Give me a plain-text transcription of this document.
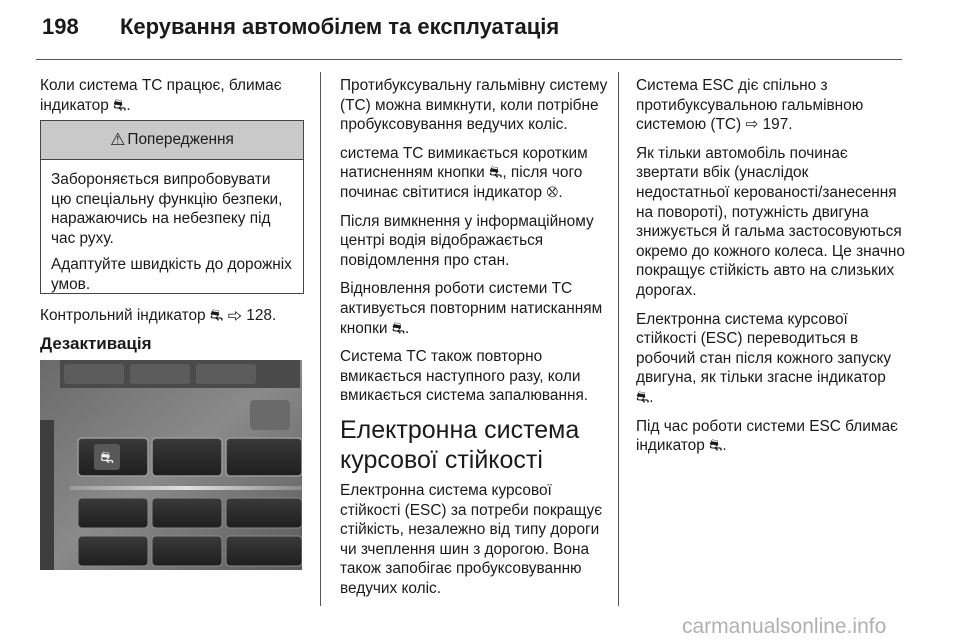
198 Керування автомобілем та експлуатація

Коли система TC працює, блимає індикатор ⛐.

⚠ Попередження

Забороняється випробовувати цю спеціальну функцію безпеки, наражаючись на небезпеку під час руху.

Адаптуйте швидкість до дорожніх умов.

Контрольний індикатор ⛐ ⇨ 128.

Дезактивація
⛐

Протибуксувальну гальмівну систему (TC) можна вимкнути, коли потрібне пробуксовування ведучих коліс.

система TC вимикається коротким натисненням кнопки ⛐, після чого починає світитися індикатор ⛒.

Після вимкнення у інформаційному центрі водія відображається повідомлення про стан.

Відновлення роботи системи TC активується повторним натисканням кнопки ⛐.

Система TC також повторно вмикається наступного разу, коли вмикається система запалювання.

Електронна система курсової стійкості

Електронна система курсової стійкості (ESC) за потреби покращує стійкість, незалежно від типу дороги чи зчеплення шин з дорогою. Вона також запобігає пробуксовуванню ведучих коліс.

Система ESC діє спільно з протибуксувальною гальмівною системою (TC) ⇨ 197.

Як тільки автомобіль починає звертати вбік (унаслідок недостатньої керованості/занесення на повороті), потужність двигуна знижується й гальма застосовуються окремо до кожного колеса. Це значно покращує стійкість авто на слизьких дорогах.

Електронна система курсової стійкості (ESC) переводиться в робочий стан після кожного запуску двигуна, як тільки згасне індикатор ⛐.

Під час роботи системи ESC блимає індикатор ⛐.

carmanualsonline.info
